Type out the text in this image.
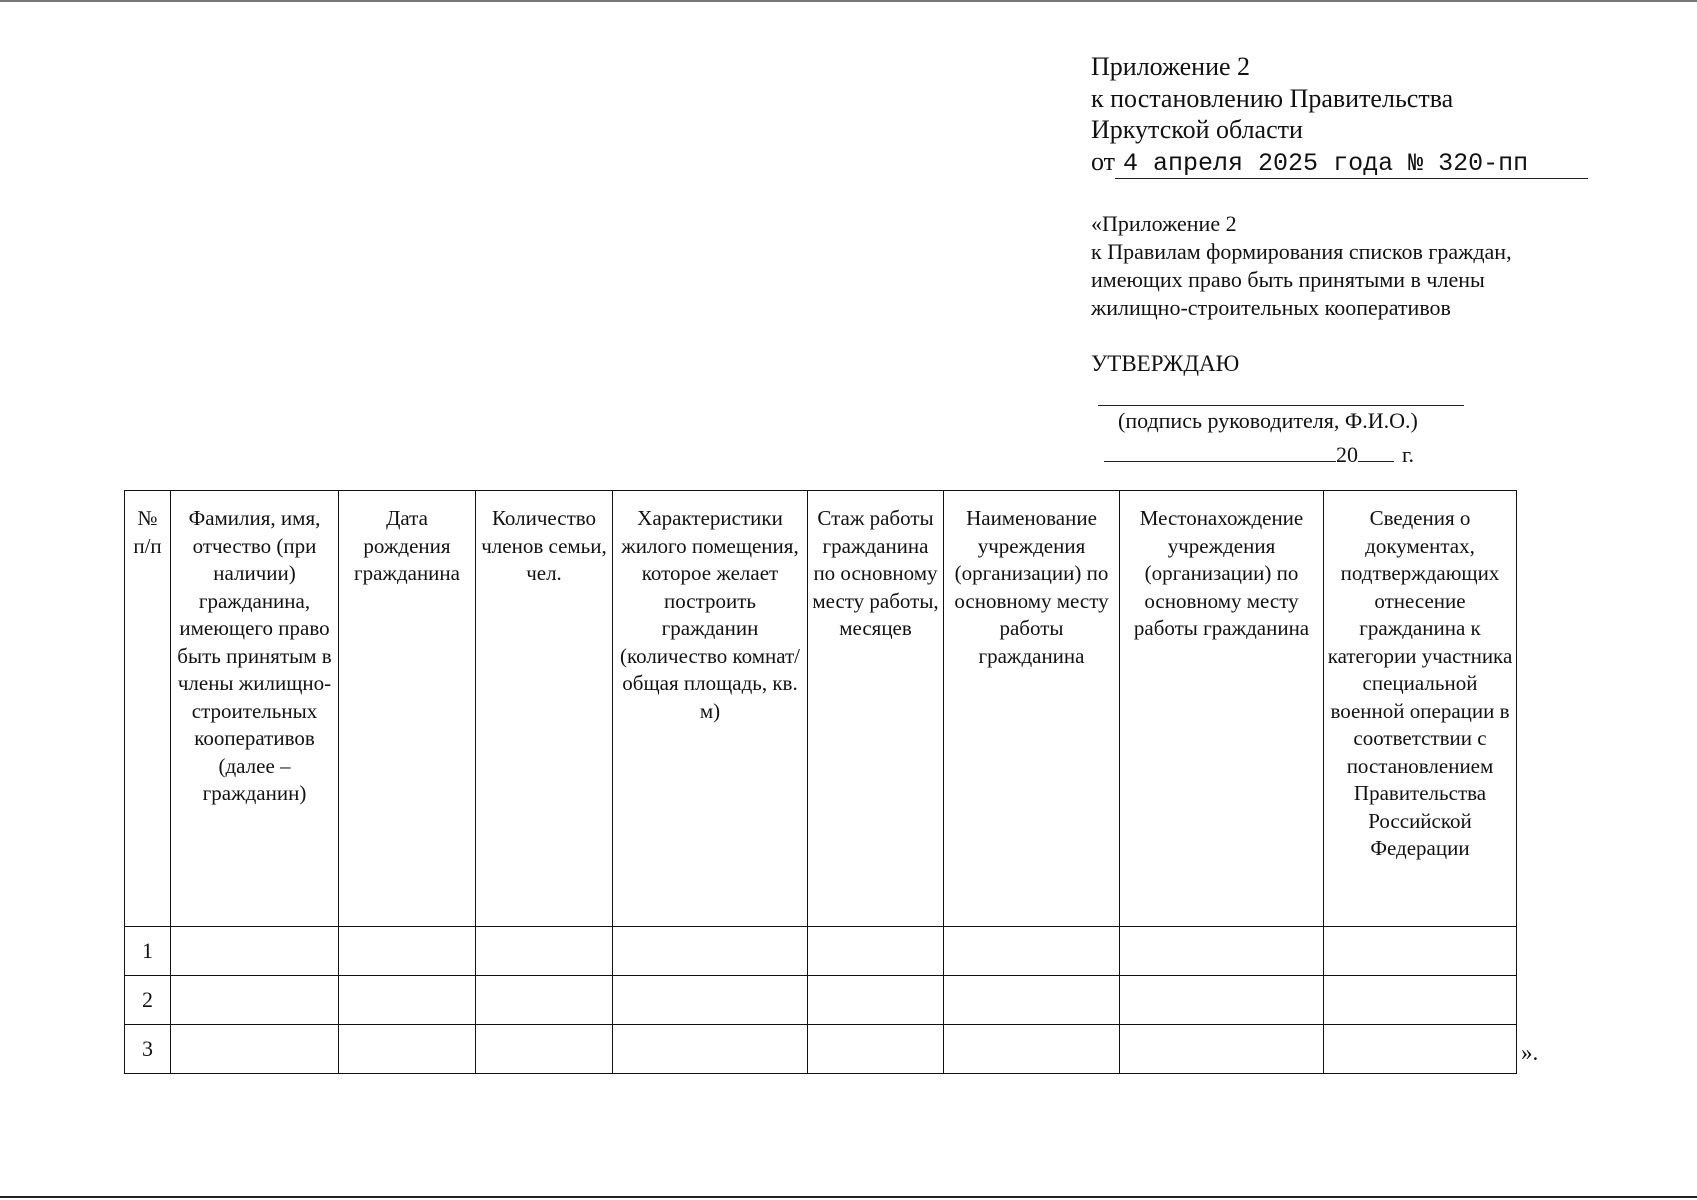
Приложение 2
к постановлению Правительства
Иркутской области
от 4 апреля 2025 года № 320-пп
«Приложение 2
к Правилам формирования списков граждан,
имеющих право быть принятыми в члены
жилищно-строительных кооперативов
УТВЕРЖДАЮ
(подпись руководителя, Ф.И.О.)
20 г.
№ п/п	Фамилия, имя, отчество (при наличии) гражданина, имеющего право быть принятым в члены жилищно-строительных кооперативов (далее – гражданин)	Дата рождения гражданина	Количество членов семьи, чел.	Характеристики жилого помещения, которое желает построить гражданин (количество комнат/общая площадь, кв. м)	Стаж работы гражданина по основному месту работы, месяцев	Наименование учреждения (организации) по основному месту работы гражданина	Местонахождение учреждения (организации) по основному месту работы гражданина	Сведения о документах, подтверждающих отнесение гражданина к категории участника специальной военной операции в соответствии с постановлением Правительства Российской Федерации
1								
2								
3									».
